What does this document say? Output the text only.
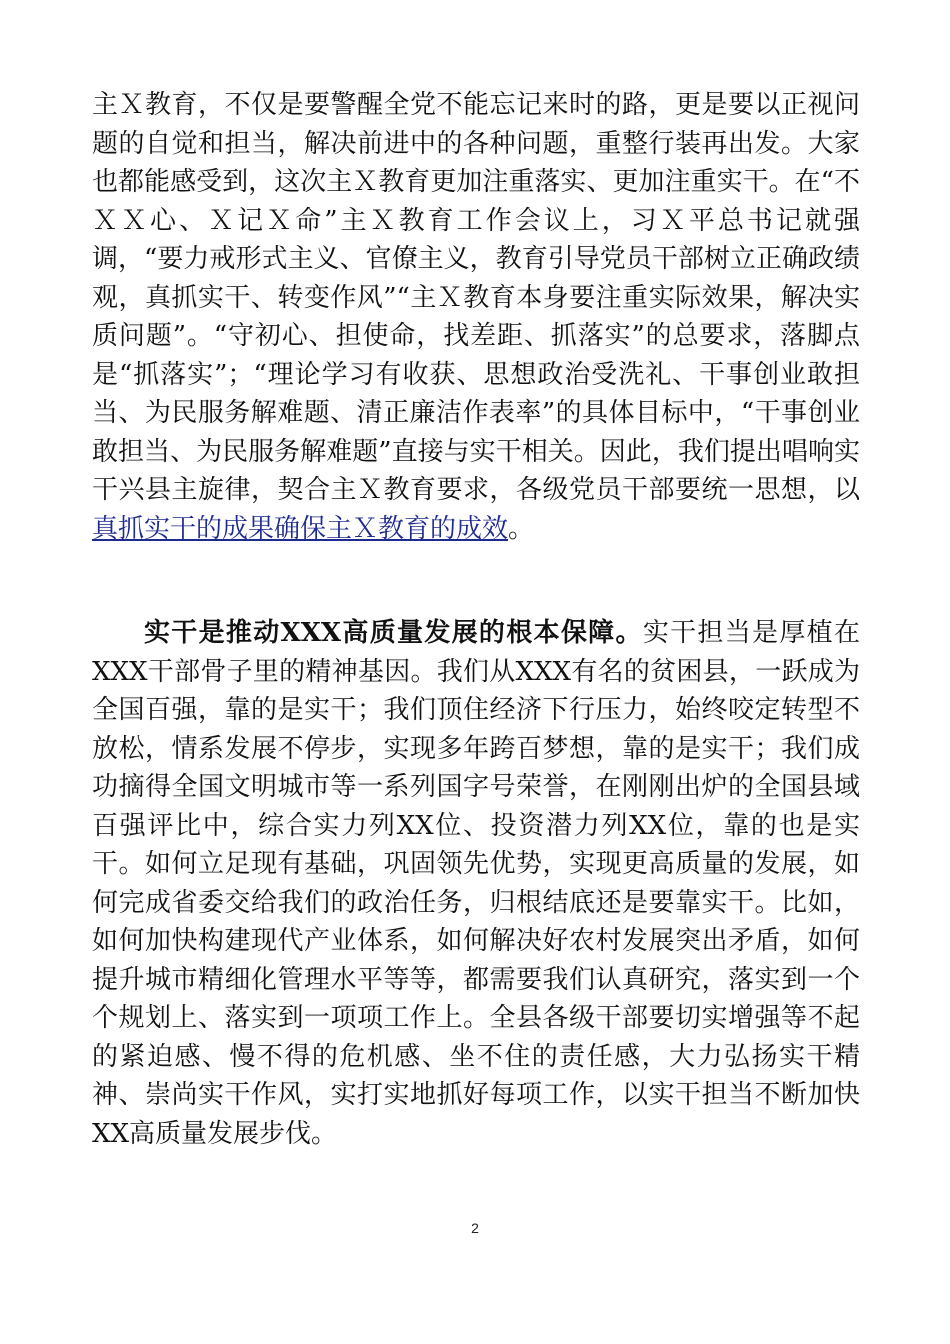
主Ｘ教育，不仅是要警醒全党不能忘记来时的路，更是要以正视问题的自觉和担当，解决前进中的各种问题，重整行装再出发。大家也都能感受到，这次主Ｘ教育更加注重落实、更加注重实干。在“不ＸＸ心、Ｘ记Ｘ命”主Ｘ教育工作会议上，习Ｘ平总书记就强调，“要力戒形式主义、官僚主义，教育引导党员干部树立正确政绩观，真抓实干、转变作风”“主Ｘ教育本身要注重实际效果，解决实质问题”。“守初心、担使命，找差距、抓落实”的总要求，落脚点是“抓落实”；“理论学习有收获、思想政治受洗礼、干事创业敢担当、为民服务解难题、清正廉洁作表率”的具体目标中，“干事创业敢担当、为民服务解难题”直接与实干相关。因此，我们提出唱响实干兴县主旋律，契合主Ｘ教育要求，各级党员干部要统一思想，以真抓实干的成果确保主Ｘ教育的成效。

实干是推动XXX高质量发展的根本保障。实干担当是厚植在XXX干部骨子里的精神基因。我们从XXX有名的贫困县，一跃成为全国百强，靠的是实干；我们顶住经济下行压力，始终咬定转型不放松，情系发展不停步，实现多年跨百梦想，靠的是实干；我们成功摘得全国文明城市等一系列国字号荣誉，在刚刚出炉的全国县域百强评比中，综合实力列XX位、投资潜力列XX位，靠的也是实干。如何立足现有基础，巩固领先优势，实现更高质量的发展，如何完成省委交给我们的政治任务，归根结底还是要靠实干。比如，如何加快构建现代产业体系，如何解决好农村发展突出矛盾，如何提升城市精细化管理水平等等，都需要我们认真研究，落实到一个个规划上、落实到一项项工作上。全县各级干部要切实增强等不起的紧迫感、慢不得的危机感、坐不住的责任感，大力弘扬实干精神、崇尚实干作风，实打实地抓好每项工作，以实干担当不断加快XX高质量发展步伐。

2
